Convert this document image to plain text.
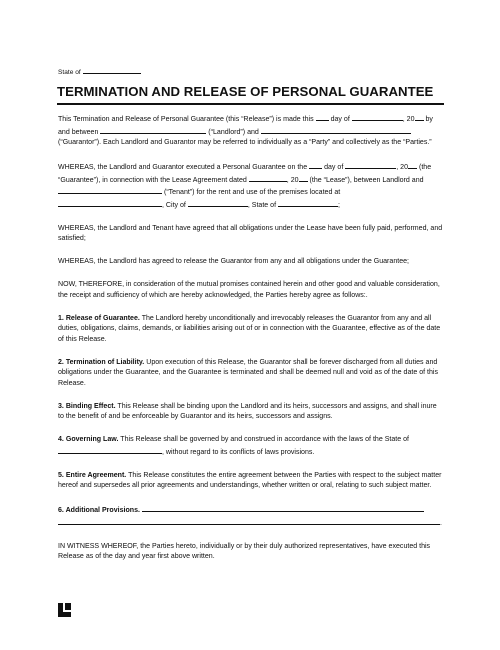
State of
TERMINATION AND RELEASE OF PERSONAL GUARANTEE

This Termination and Release of Personal Guarantee (this “Release”) is made this day of	, 20 by and between	(“Landlord”) and  (“Guarantor”). Each Landlord and Guarantor may be referred to individually as a “Party” and collectively as the “Parties.”

WHEREAS, the Landlord and Guarantor executed a Personal Guarantee on the day of	, 20 (the “Guarantee”), in connection with the Lease Agreement dated	, 20 (the “Lease”), between Landlord and  (“Tenant”) for the rent and use of the premises located at , City of	, State of	;

WHEREAS, the Landlord and Tenant have agreed that all obligations under the Lease have been fully paid, performed, and satisfied;

WHEREAS, the Landlord has agreed to release the Guarantor from any and all obligations under the Guarantee;

NOW, THEREFORE, in consideration of the mutual promises contained herein and other good and valuable consideration, the receipt and sufficiency of which are hereby acknowledged, the Parties hereby agree as follows:.

1. Release of Guarantee. The Landlord hereby unconditionally and irrevocably releases the Guarantor from any and all duties, obligations, claims, demands, or liabilities arising out of or in connection with the Guarantee, effective as of the date of this Release.

2. Termination of Liability. Upon execution of this Release, the Guarantor shall be forever discharged from all duties and obligations under the Guarantee, and the Guarantee is terminated and shall be deemed null and void as of the date of this Release.

3. Binding Effect. This Release shall be binding upon the Landlord and its heirs, successors and assigns, and shall inure to the benefit of and be enforceable by Guarantor and its heirs, successors and assigns.

4. Governing Law. This Release shall be governed by and construed in accordance with the laws of the State of , without regard to its conflicts of laws provisions.

5. Entire Agreement. This Release constitutes the entire agreement between the Parties with respect to the subject matter hereof and supersedes all prior agreements and understandings, whether written or oral, relating to such subject matter.

6. Additional Provisions.
.

IN WITNESS WHEREOF, the Parties hereto, individually or by their duly authorized representatives, have executed this Release as of the day and year first above written.
